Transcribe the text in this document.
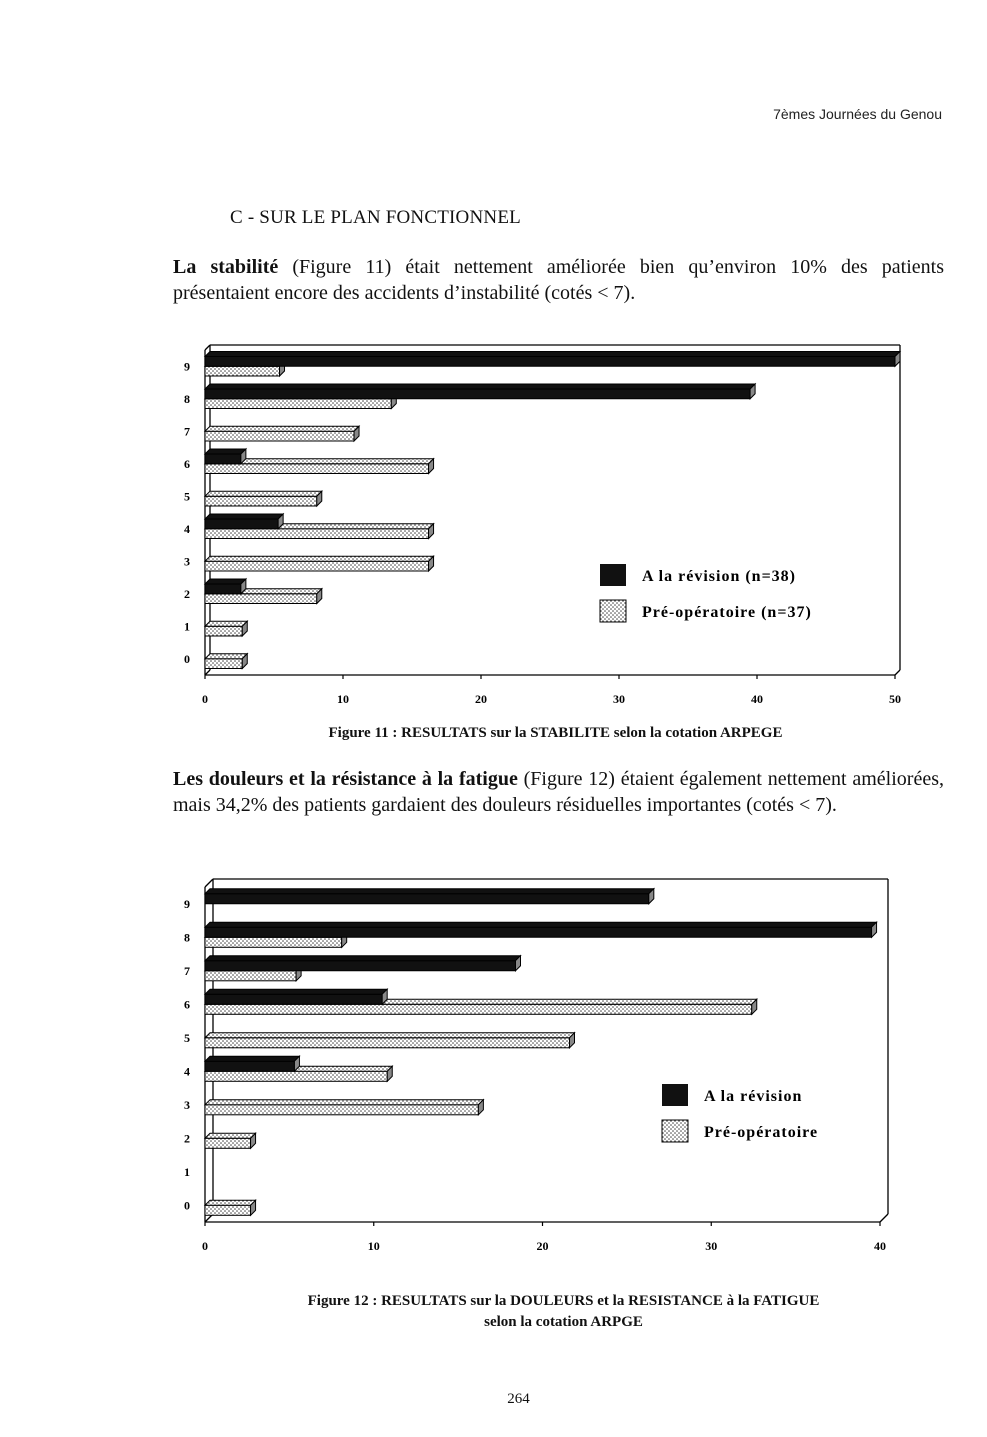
7èmes Journées du Genou
C - SUR LE PLAN FONCTIONNEL

La stabilité (Figure 11) était nettement améliorée bien qu’environ 10% des patients présentaient encore des accidents d’instabilité (cotés < 7).

0	10	20	30	40	50
0
1
2
3
4
5
6
7
8
9
A la révision (n=38)
Pré-opératoire (n=37)
Figure 11 : RESULTATS sur la STABILITE selon la cotation ARPEGE

Les douleurs et la résistance à la fatigue (Figure 12) étaient également nettement améliorées, mais 34,2% des patients gardaient des douleurs résiduelles importantes (cotés < 7).

0	10	20	30	40
0
1
2
3
4
5
6
7
8
9
A la révision
Pré-opératoire
Figure 12 : RESULTATS sur la DOULEURS et la RESISTANCE à la FATIGUE
selon la cotation ARPGE
264
